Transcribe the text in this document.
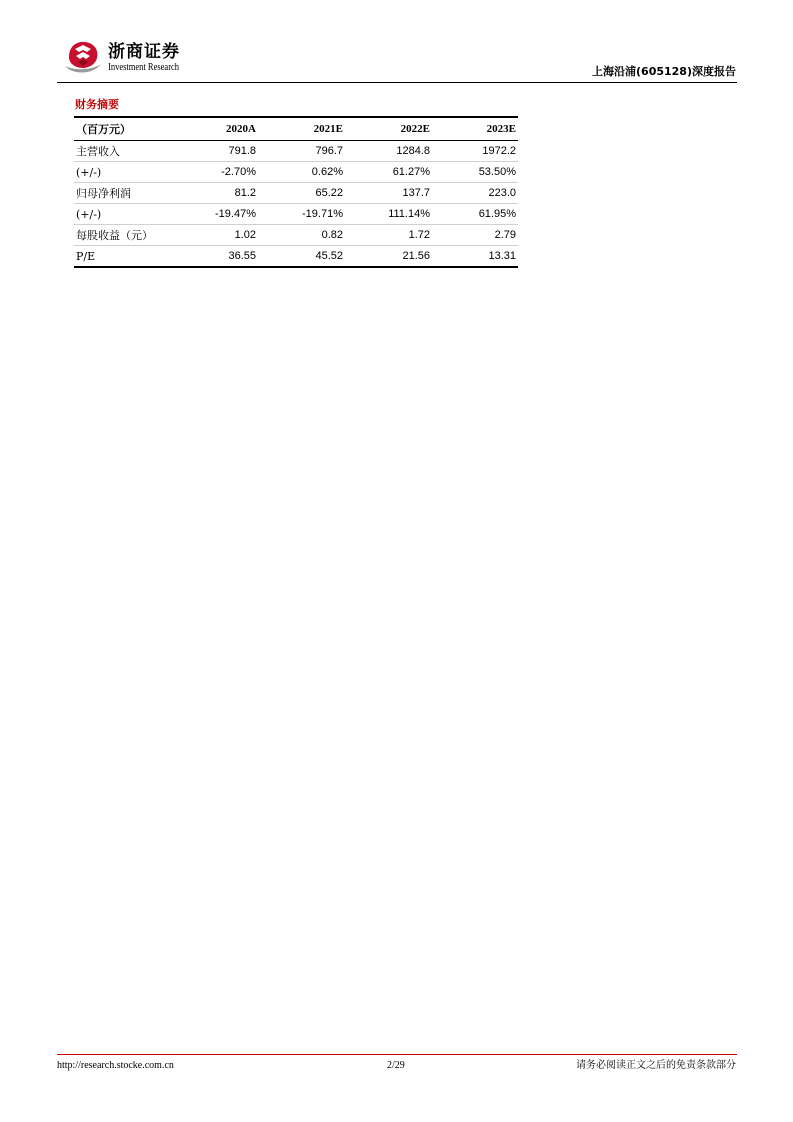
浙商证券
Investment Research	上海沿浦(605128)深度报告
财务摘要
（百万元）	2020A	2021E	2022E	2023E
主营收入	791.8	796.7	1284.8	1972.2
(+/-)	-2.70%	0.62%	61.27%	53.50%
归母净利润	81.2	65.22	137.7	223.0
(+/-)	-19.47%	-19.71%	111.14%	61.95%
每股收益（元）	1.02	0.82	1.72	2.79
P/E	36.55	45.52	21.56	13.31
http://research.stocke.com.cn	2/29	请务必阅读正文之后的免责条款部分
